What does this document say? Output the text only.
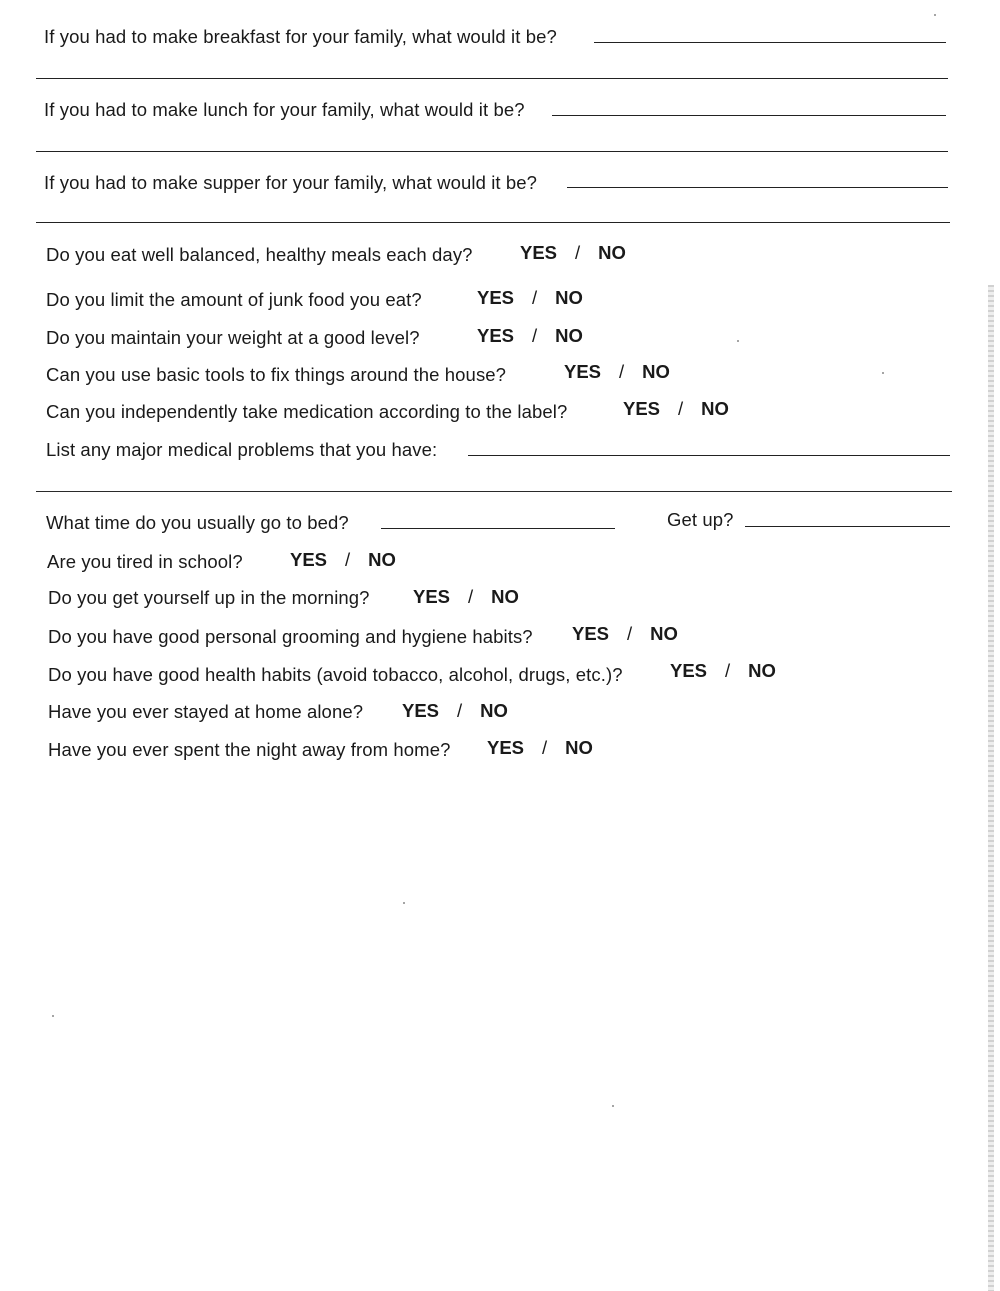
If you had to make breakfast for your family, what would it be?
If you had to make lunch for your family, what would it be?
If you had to make supper for your family, what would it be?
Do you eat well balanced, healthy meals each day?	YES / NO
Do you limit the amount of junk food you eat?	YES / NO
Do you maintain your weight at a good level?	YES / NO
Can you use basic tools to fix things around the house?	YES / NO
Can you independently take medication according to the label?	YES / NO
List any major medical problems that you have:
What time do you usually go to bed?	Get up?
Are you tired in school?	YES / NO
Do you get yourself up in the morning? YES / NO
Do you have good personal grooming and hygiene habits? YES / NO
Do you have good health habits (avoid tobacco, alcohol, drugs, etc.)?	YES / NO
Have you ever stayed at home alone? YES / NO
Have you ever spent the night away from home? YES / NO
